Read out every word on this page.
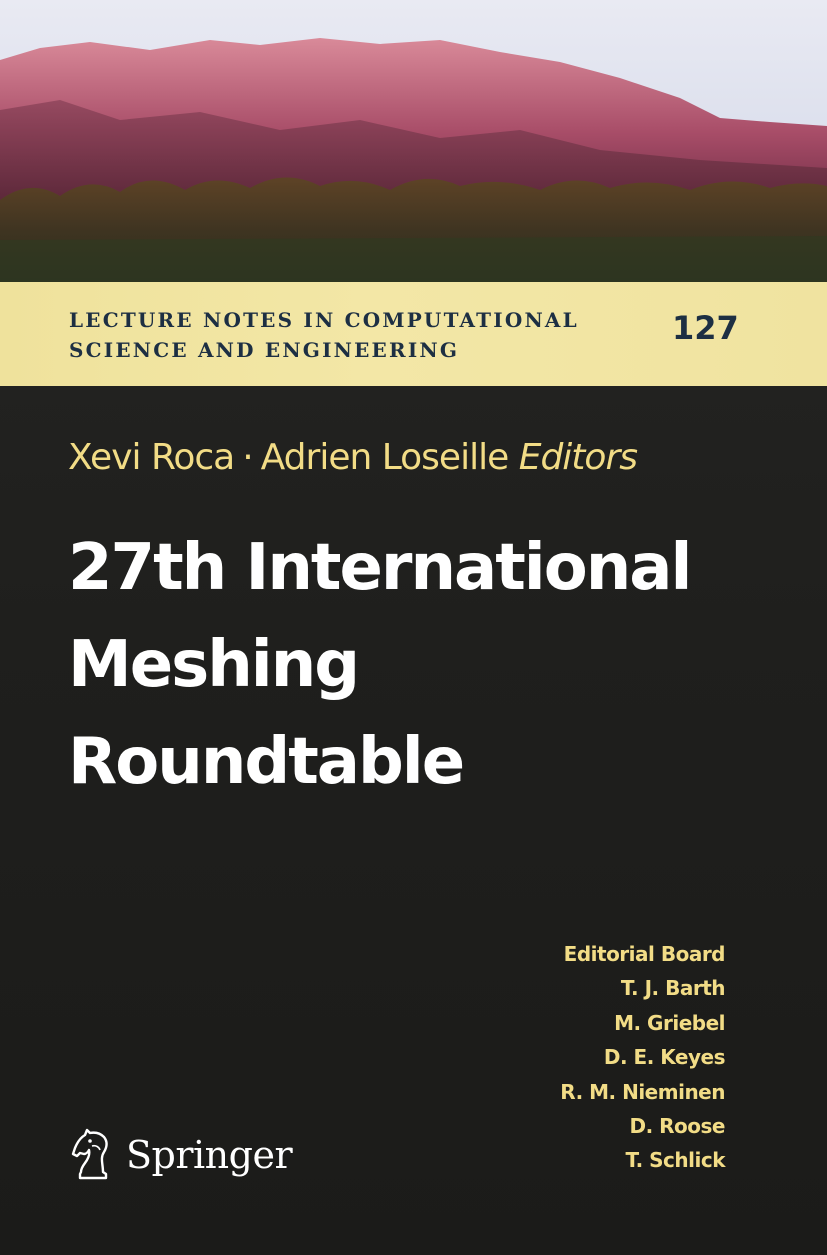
LECTURE NOTES IN COMPUTATIONAL
SCIENCE AND ENGINEERING
127
Xevi Roca · Adrien Loseille Editors
27th International
Meshing
Roundtable
Editorial Board
T. J. Barth
M. Griebel
D. E. Keyes
R. M. Nieminen
D. Roose
T. Schlick
Springer
